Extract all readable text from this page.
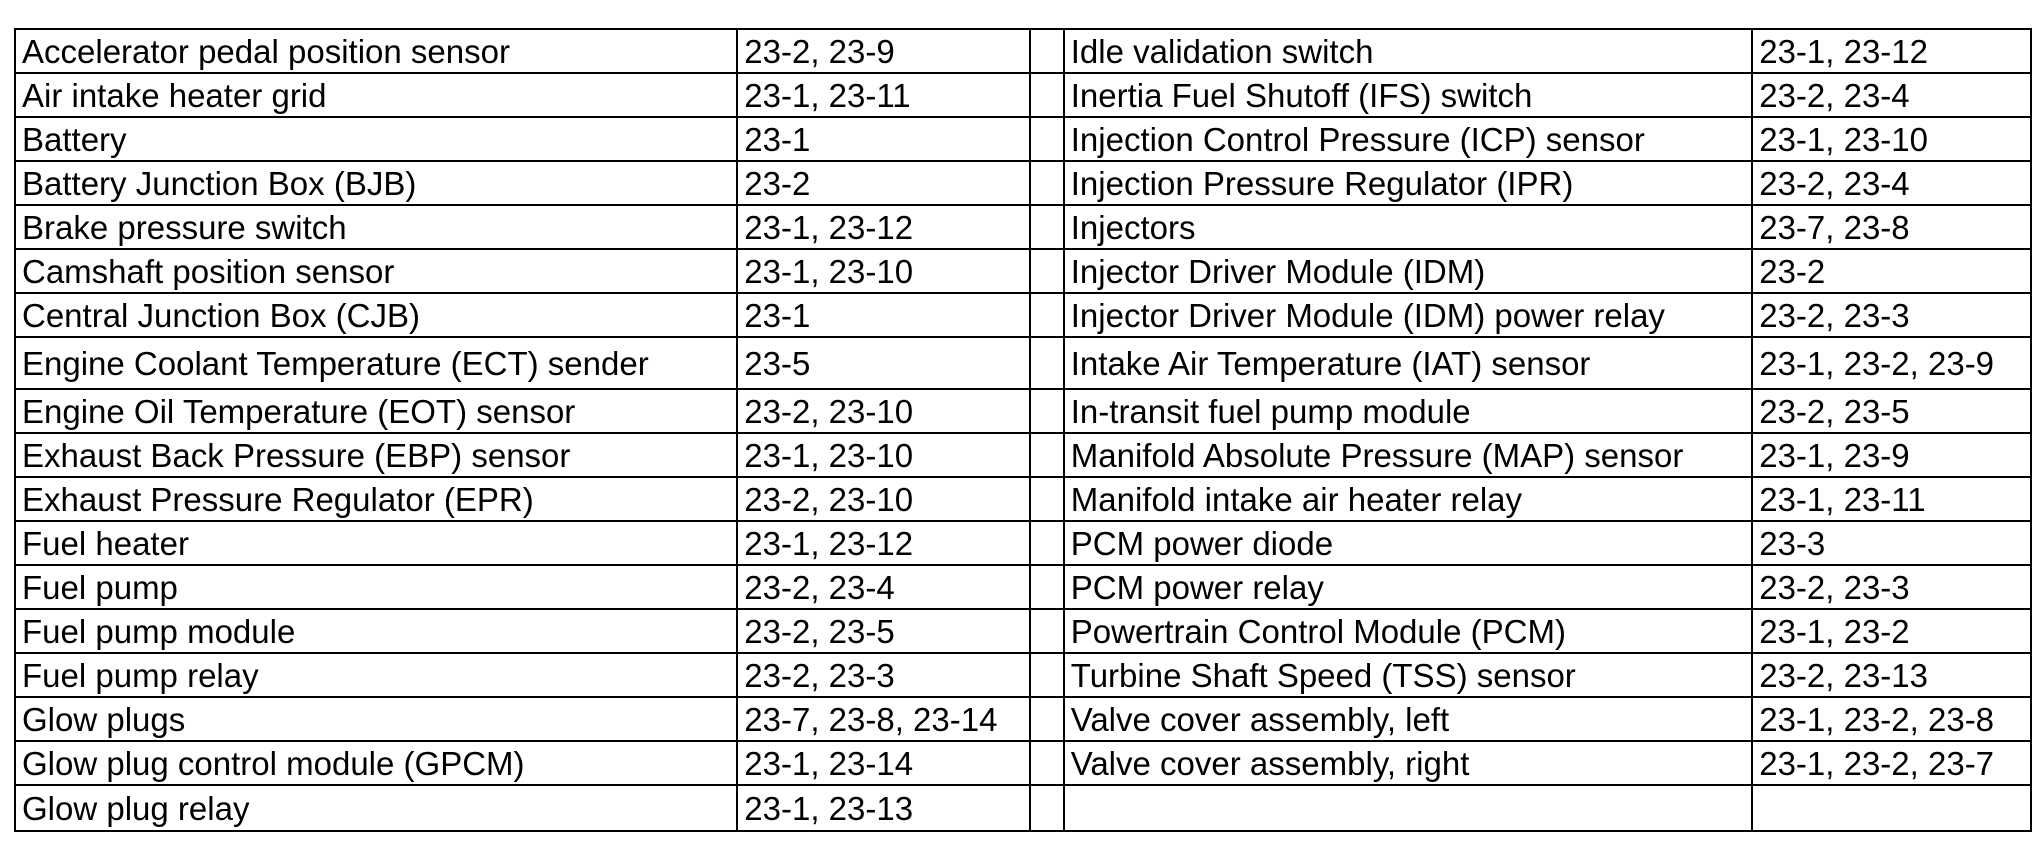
Accelerator pedal position sensor	23-2, 23-9		Idle validation switch	23-1, 23-12
Air intake heater grid	23-1, 23-11		Inertia Fuel Shutoff (IFS) switch	23-2, 23-4
Battery	23-1		Injection Control Pressure (ICP) sensor	23-1, 23-10
Battery Junction Box (BJB)	23-2		Injection Pressure Regulator (IPR)	23-2, 23-4
Brake pressure switch	23-1, 23-12		Injectors	23-7, 23-8
Camshaft position sensor	23-1, 23-10		Injector Driver Module (IDM)	23-2
Central Junction Box (CJB)	23-1		Injector Driver Module (IDM) power relay	23-2, 23-3
Engine Coolant Temperature (ECT) sender	23-5		Intake Air Temperature (IAT) sensor	23-1, 23-2, 23-9
Engine Oil Temperature (EOT) sensor	23-2, 23-10		In-transit fuel pump module	23-2, 23-5
Exhaust Back Pressure (EBP) sensor	23-1, 23-10		Manifold Absolute Pressure (MAP) sensor	23-1, 23-9
Exhaust Pressure Regulator (EPR)	23-2, 23-10		Manifold intake air heater relay	23-1, 23-11
Fuel heater	23-1, 23-12		PCM power diode	23-3
Fuel pump	23-2, 23-4		PCM power relay	23-2, 23-3
Fuel pump module	23-2, 23-5		Powertrain Control Module (PCM)	23-1, 23-2
Fuel pump relay	23-2, 23-3		Turbine Shaft Speed (TSS) sensor	23-2, 23-13
Glow plugs	23-7, 23-8, 23-14		Valve cover assembly, left	23-1, 23-2, 23-8
Glow plug control module (GPCM)	23-1, 23-14		Valve cover assembly, right	23-1, 23-2, 23-7
Glow plug relay	23-1, 23-13			
